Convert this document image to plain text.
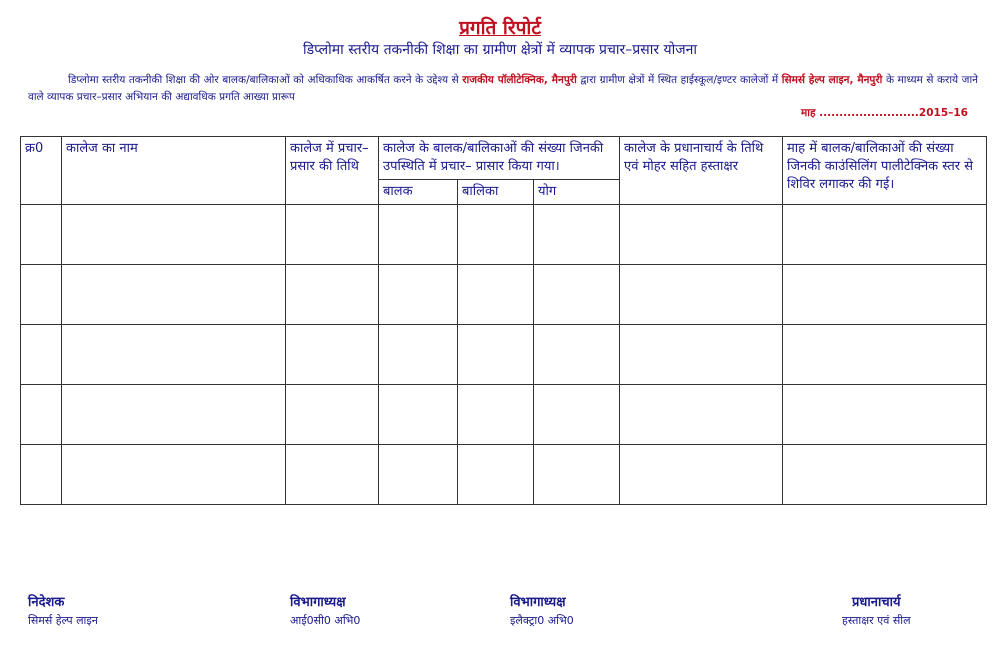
प्रगति रिपोर्ट
डिप्लोमा स्तरीय तकनीकी शिक्षा का ग्रामीण क्षेत्रों में व्यापक प्रचार–प्रसार योजना
डिप्लोमा स्तरीय तकनीकी शिक्षा की ओर बालक/बालिकाओं को अधिकाधिक आकर्षित करने के उद्देश्य से राजकीय पॉलीटेक्निक, मैनपुरी द्वारा ग्रामीण क्षेत्रों में स्थित हाईस्कूल/इण्टर कालेजों में सिमर्स हेल्प लाइन, मैनपुरी के माध्यम से कराये जाने वाले व्यापक प्रचार–प्रसार अभियान की अद्यावधिक प्रगति आख्या प्रारूप
माह .........................2015–16
क्र0	कालेज का नाम	कालेज में प्रचार–प्रसार की तिथि	कालेज के बालक/बालिकाओं की संख्या जिनकी उपस्थिति में प्रचार– प्रासार किया गया।			कालेज के प्रधानाचार्य के तिथि एवं मोहर सहित हस्ताक्षर	माह में बालक/बालिकाओं की संख्या जिनकी काउंसिलिंग पालीटेक्निक स्तर से शिविर लगाकर की गई।
			बालक	बालिका	योग		

निदेशक
सिमर्स हेल्प लाइन
विभागाध्यक्ष
आई0सी0 अभि0
विभागाध्यक्ष
इलैक्ट्रा0 अभि0
प्रधानाचार्य
हस्ताक्षर एवं सील
